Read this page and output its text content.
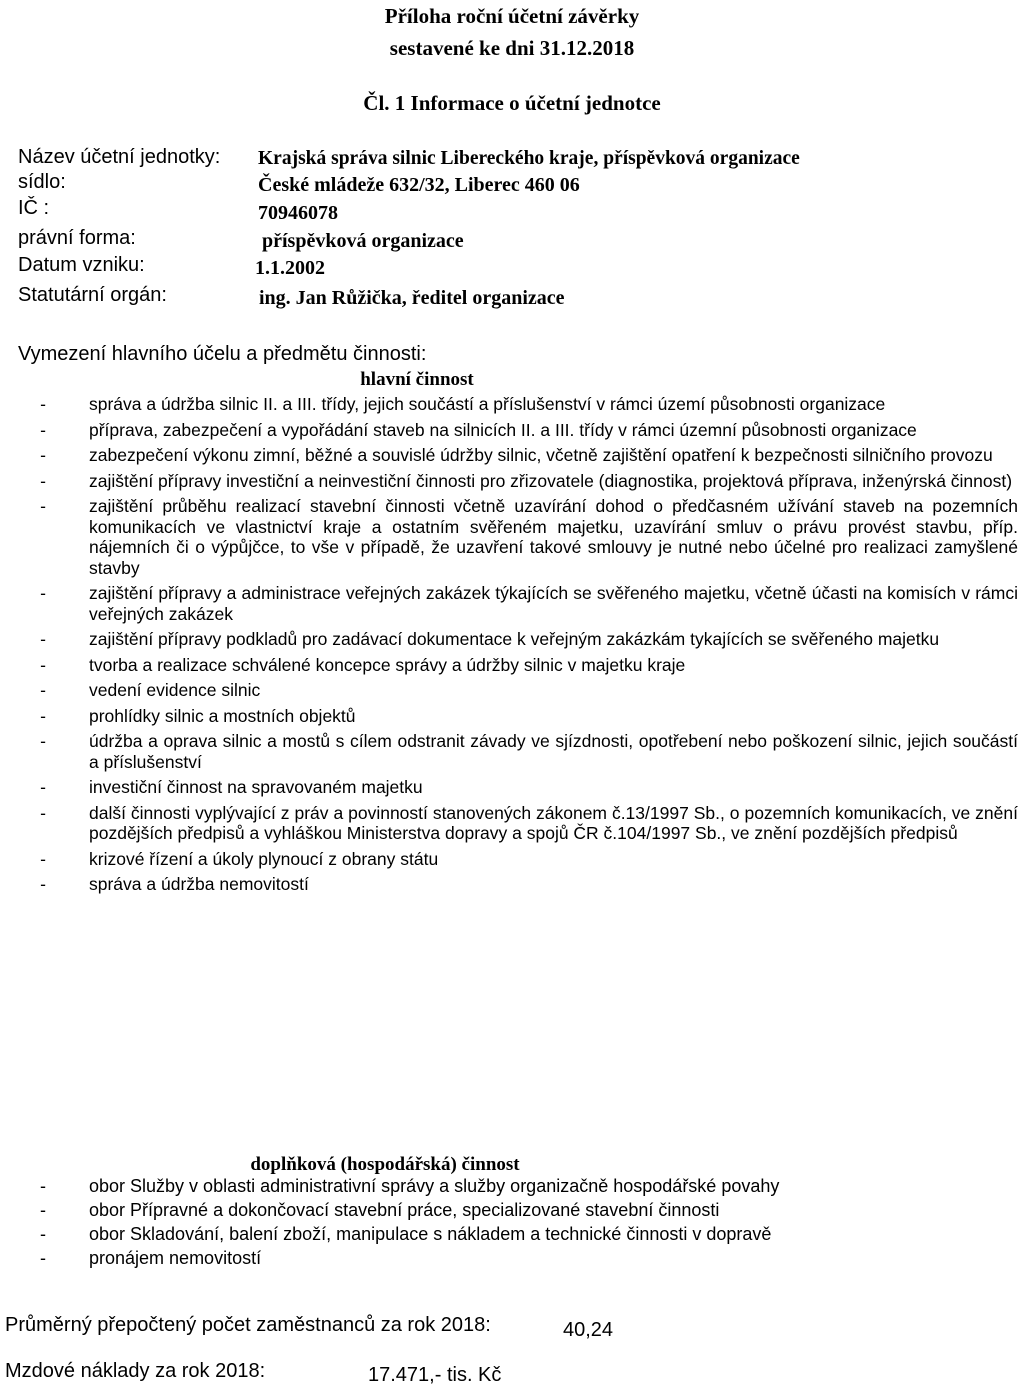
Příloha roční účetní závěrky
sestavené ke dni 31.12.2018
Čl. 1 Informace o účetní jednotce
Název účetní jednotky: Krajská správa silnic Libereckého kraje, příspěvková organizace
sídlo:	České mládeže 632/32, Liberec 460 06
IČ :	70946078
právní forma:	příspěvková organizace
Datum vzniku:	1.1.2002
Statutární orgán:	ing. Jan Růžička, ředitel organizace
Vymezení hlavního účelu a předmětu činnosti:
hlavní činnost
-	správa a údržba silnic II. a III. třídy, jejich součástí a příslušenství v rámci území působnosti organizace
-	příprava, zabezpečení a vypořádání staveb na silnicích II. a III. třídy v rámci územní působnosti organizace
-	zabezpečení výkonu zimní, běžné a souvislé údržby silnic, včetně zajištění opatření k bezpečnosti silničního provozu
-	zajištění přípravy investiční a neinvestiční činnosti pro zřizovatele (diagnostika, projektová příprava, inženýrská činnost)
-	zajištění průběhu realizací stavební činnosti včetně uzavírání dohod o předčasném užívání staveb na pozemních komunikacích ve vlastnictví kraje a ostatním svěřeném majetku, uzavírání smluv o právu provést stavbu, příp. nájemních či o výpůjčce, to vše v případě, že uzavření takové smlouvy je nutné nebo účelné pro realizaci zamyšlené stavby
-	zajištění přípravy a administrace veřejných zakázek týkajících se svěřeného majetku, včetně účasti na komisích v rámci veřejných zakázek
-	zajištění přípravy podkladů pro zadávací dokumentace k veřejným zakázkám tykajících se svěřeného majetku
-	tvorba a realizace schválené koncepce správy a údržby silnic v majetku kraje
-	vedení evidence silnic
-	prohlídky silnic a mostních objektů
-	údržba a oprava silnic a mostů s cílem odstranit závady ve sjízdnosti, opotřebení nebo poškození silnic, jejich součástí a příslušenství
-	investiční činnost na spravovaném majetku
-	další činnosti vyplývající z práv a povinností stanovených zákonem č.13/1997 Sb., o pozemních komunikacích, ve znění pozdějších předpisů a vyhláškou Ministerstva dopravy a spojů ČR č.104/1997 Sb., ve znění pozdějších předpisů
-	krizové řízení a úkoly plynoucí z obrany státu
-	správa a údržba nemovitostí
doplňková (hospodářská) činnost
-	obor Služby v oblasti administrativní správy a služby organizačně hospodářské povahy
-	obor Přípravné a dokončovací stavební práce, specializované stavební činnosti
-	obor Skladování, balení zboží, manipulace s nákladem a technické činnosti v dopravě
-	pronájem nemovitostí
Průměrný přepočtený počet zaměstnanců za rok 2018:	40,24
Mzdové náklady za rok 2018:	17.471,- tis. Kč
